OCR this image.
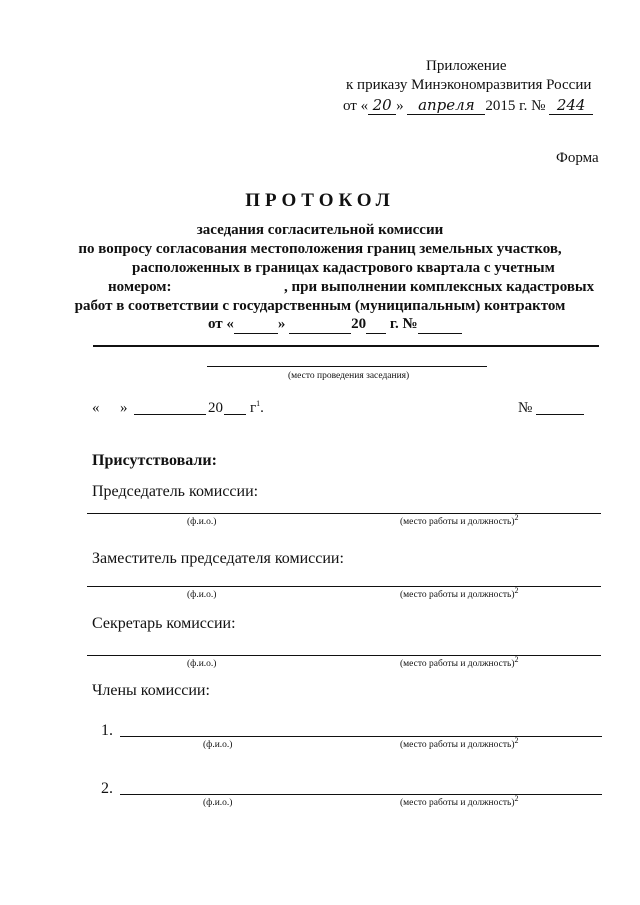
Приложение
к приказу Минэкономразвития России
от « 20 » апреля 2015 г. № 244
Форма
ПРОТОКОЛ
заседания согласительной комиссии
по вопросу согласования местоположения границ земельных участков,
расположенных в границах кадастрового квартала с учетным
номером:	, при выполнении комплексных кадастровых
работ в соответствии с государственным (муниципальным) контрактом
от «	»	20 г. №
(место проведения заседания)
« »	20 $г^1$.	№
Присутствовали:
Председатель комиссии:
(ф.и.о.)	(место работы и должность)$^2$
Заместитель председателя комиссии:
(ф.и.о.)	(место работы и должность)$^2$
Секретарь комиссии:
(ф.и.о.)	(место работы и должность)$^2$
Члены комиссии:
1.
(ф.и.о.)	(место работы и должность)$^2$
2.
(ф.и.о.)	(место работы и должность)$^2$
